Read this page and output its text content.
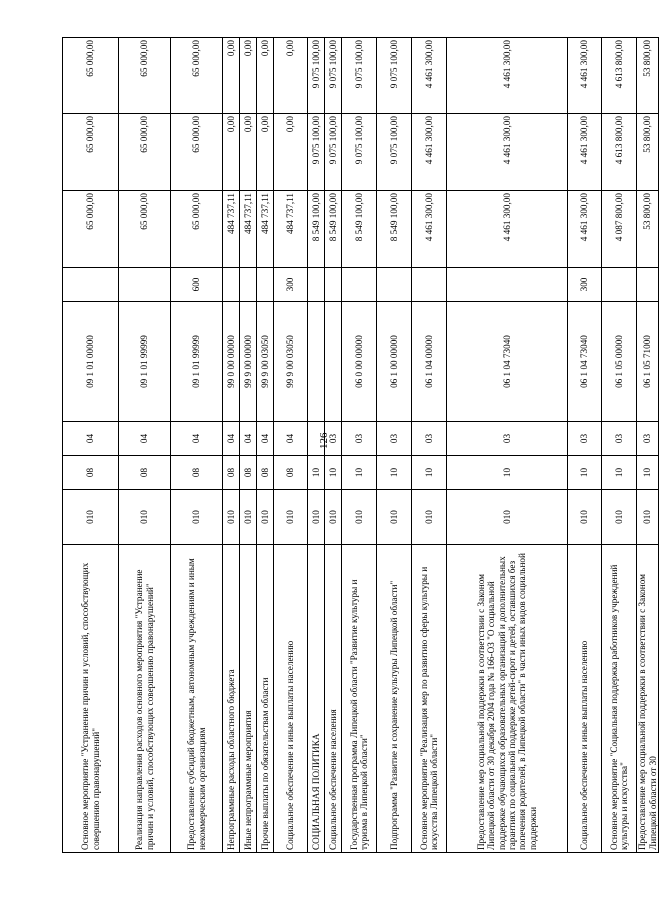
126
Основное мероприятие "Устранение причин и условий, способствующих совершению правонарушений"	010	08	04	09 1 01 00000		65 000,00	65 000,00	65 000,00
Реализация направления расходов основного мероприятия "Устранение причин и условий, способствующих совершению правонарушений"	010	08	04	09 1 01 99999		65 000,00	65 000,00	65 000,00
Предоставление субсидий бюджетным, автономным учреждениям и иным некоммерческим организациям	010	08	04	09 1 01 99999	600	65 000,00	65 000,00	65 000,00
Непрограммные расходы областного бюджета	010	08	04	99 0 00 00000		484 737,11	0,00	0,00
Иные непрограммные мероприятия	010	08	04	99 9 00 00000		484 737,11	0,00	0,00
Прочие выплаты по обязательствам области	010	08	04	99 9 00 03050		484 737,11	0,00	0,00
Социальное обеспечение и иные выплаты населению	010	08	04	99 9 00 03050	300	484 737,11	0,00	0,00
СОЦИАЛЬНАЯ ПОЛИТИКА	010	10				8 549 100,00	9 075 100,00	9 075 100,00
Социальное обеспечение населения	010	10	03			8 549 100,00	9 075 100,00	9 075 100,00
Государственная программа Липецкой области "Развитие культуры и туризма в Липецкой области"	010	10	03	06 0 00 00000		8 549 100,00	9 075 100,00	9 075 100,00
Подпрограмма "Развитие и сохранение культуры Липецкой области"	010	10	03	06 1 00 00000		8 549 100,00	9 075 100,00	9 075 100,00
Основное мероприятие "Реализация мер по развитию сферы культуры и искусства Липецкой области"	010	10	03	06 1 04 00000		4 461 300,00	4 461 300,00	4 461 300,00
Предоставление мер социальной поддержки в соответствии с Законом Липецкой области от 30 декабря 2004 года № 166-ОЗ "О социальной поддержке обучающихся образовательных организаций и дополнительных гарантиях по социальной поддержке детей-сирот и детей, оставшихся без попечения родителей, в Липецкой области" в части иных видов социальной поддержки	010	10	03	06 1 04 73040		4 461 300,00	4 461 300,00	4 461 300,00
Социальное обеспечение и иные выплаты населению	010	10	03	06 1 04 73040	300	4 461 300,00	4 461 300,00	4 461 300,00
Основное мероприятие "Социальная поддержка работников учреждений культуры и искусства"	010	10	03	06 1 05 00000		4 087 800,00	4 613 800,00	4 613 800,00
Предоставление мер социальной поддержки в соответствии с Законом Липецкой области от 30	010	10	03	06 1 05 71000		53 800,00	53 800,00	53 800,00
